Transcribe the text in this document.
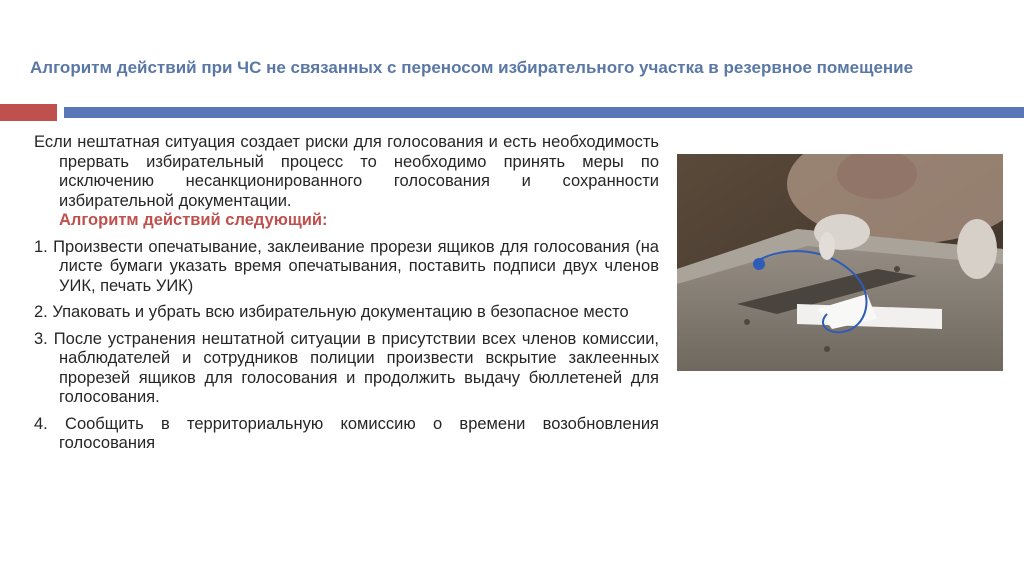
Алгоритм действий при ЧС не связанных с переносом избирательного участка в резервное помещение

Если нештатная ситуация создает риски для голосования и есть необходимость прервать избирательный процесс то необходимо принять меры по исключению несанкционированного голосования и сохранности избирательной документации.
Алгоритм действий следующий:

1. Произвести опечатывание, заклеивание прорези ящиков для голосования (на листе бумаги указать время опечатывания, поставить подписи двух членов УИК, печать УИК)

2. Упаковать и убрать всю избирательную документацию в безопасное место

3. После устранения нештатной ситуации в присутствии всех членов комиссии, наблюдателей и сотрудников полиции произвести вскрытие заклеенных прорезей ящиков для голосования и продолжить выдачу бюллетеней для голосования.

4. Сообщить в территориальную комиссию о времени возобновления голосования
